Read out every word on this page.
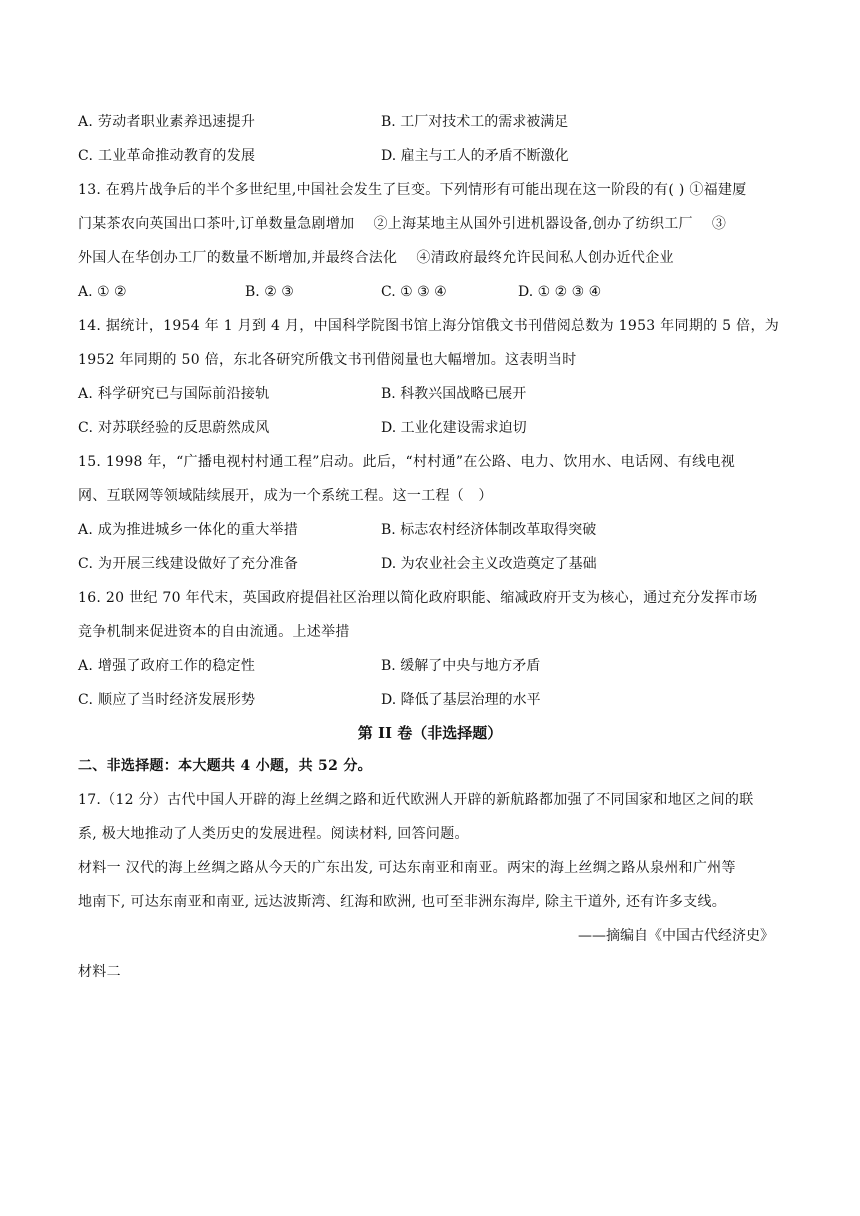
A. 劳动者职业素养迅速提升	B. 工厂对技术工的需求被满足
C. 工业革命推动教育的发展	D. 雇主与工人的矛盾不断激化
13. 在鸦片战争后的半个多世纪里,中国社会发生了巨变。下列情形有可能出现在这一阶段的有( ) ①福建厦
门某茶农向英国出口茶叶,订单数量急剧增加　 ②上海某地主从国外引进机器设备,创办了纺织工厂　 ③
外国人在华创办工厂的数量不断增加,并最终合法化　 ④清政府最终允许民间私人创办近代企业
A. ① ②	B. ② ③	C. ① ③ ④	D. ① ② ③ ④
14. 据统计，1954 年 1 月到 4 月，中国科学院图书馆上海分馆俄文书刊借阅总数为 1953 年同期的 5 倍，为
1952 年同期的 50 倍，东北各研究所俄文书刊借阅量也大幅增加。这表明当时
A. 科学研究已与国际前沿接轨	B. 科教兴国战略已展开
C. 对苏联经验的反思蔚然成风	D. 工业化建设需求迫切
15. 1998 年，“广播电视村村通工程”启动。此后，“村村通”在公路、电力、饮用水、电话网、有线电视
网、互联网等领域陆续展开，成为一个系统工程。这一工程（　）
A. 成为推进城乡一体化的重大举措	B. 标志农村经济体制改革取得突破
C. 为开展三线建设做好了充分准备	D. 为农业社会主义改造奠定了基础
16. 20 世纪 70 年代末，英国政府提倡社区治理以简化政府职能、缩减政府开支为核心，通过充分发挥市场
竞争机制来促进资本的自由流通。上述举措
A. 增强了政府工作的稳定性	B. 缓解了中央与地方矛盾
C. 顺应了当时经济发展形势	D. 降低了基层治理的水平
第 II 卷（非选择题）
二、非选择题：本大题共 4 小题，共 52 分。
17.（12 分）古代中国人开辟的海上丝绸之路和近代欧洲人开辟的新航路都加强了不同国家和地区之间的联
系, 极大地推动了人类历史的发展进程。阅读材料, 回答问题。
材料一 汉代的海上丝绸之路从今天的广东出发, 可达东南亚和南亚。两宋的海上丝绸之路从泉州和广州等
地南下, 可达东南亚和南亚, 远达波斯湾、红海和欧洲, 也可至非洲东海岸, 除主干道外, 还有许多支线。
——摘编自《中国古代经济史》
材料二
